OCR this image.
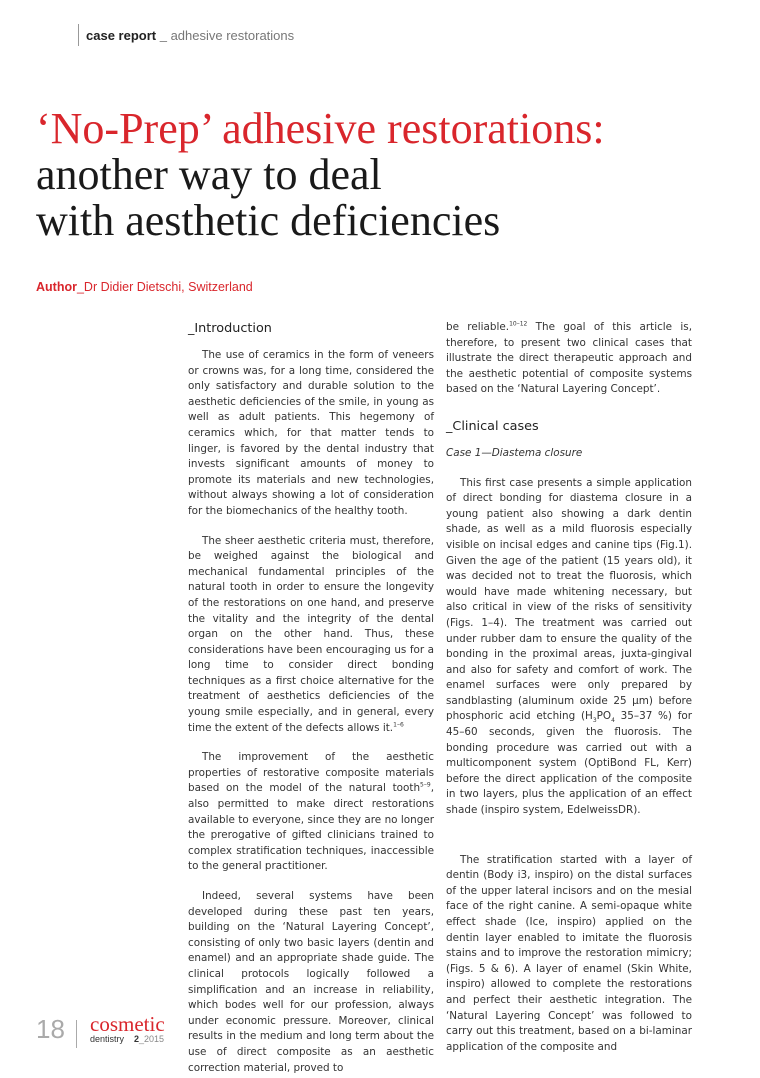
case report _ adhesive restorations
‘No-Prep’ adhesive restorations:
another way to deal
with aesthetic deficiencies
Author_Dr Didier Dietschi, Switzerland
_Introduction

The use of ceramics in the form of veneers or crowns was, for a long time, considered the only satisfactory and durable solution to the aesthetic deficiencies of the smile, in young as well as adult patients. This hegemony of ceramics which, for that matter tends to linger, is favored by the dental industry that invests significant amounts of money to promote its materials and new technologies, without always showing a lot of consideration for the biomechanics of the healthy tooth.

The sheer aesthetic criteria must, therefore, be weighed against the biological and mechanical fundamental principles of the natural tooth in order to ensure the longevity of the restorations on one hand, and preserve the vitality and the integrity of the dental organ on the other hand. Thus, these considerations have been encouraging us for a long time to consider direct bonding techniques as a first choice alternative for the treatment of aesthetics deficiencies of the young smile especially, and in general, every time the extent of the defects allows it.$^{1-6}$

The improvement of the aesthetic properties of restorative composite materials based on the model of the natural tooth$^{5-9}$, also permitted to make direct restorations available to everyone, since they are no longer the prerogative of gifted clinicians trained to complex stratification techniques, inaccessible to the general practitioner.

Indeed, several systems have been developed during these past ten years, building on the ‘Natural Layering Concept’, consisting of only two basic layers (dentin and enamel) and an appropriate shade guide. The clinical protocols logically followed a simplification and an increase in reliability, which bodes well for our profession, always under economic pressure. Moreover, clinical results in the medium and long term about the use of direct composite as an aesthetic correction material, proved to

be reliable.$^{10-12}$ The goal of this article is, therefore, to present two clinical cases that illustrate the direct therapeutic approach and the aesthetic potential of composite systems based on the ‘Natural Layering Concept’.

_Clinical cases

Case 1—Diastema closure

This first case presents a simple application of direct bonding for diastema closure in a young patient also showing a dark dentin shade, as well as a mild fluorosis especially visible on incisal edges and canine tips (Fig.1). Given the age of the patient (15 years old), it was decided not to treat the fluorosis, which would have made whitening necessary, but also critical in view of the risks of sensitivity (Figs. 1–4). The treatment was carried out under rubber dam to ensure the quality of the bonding in the proximal areas, juxta-gingival and also for safety and comfort of work. The enamel surfaces were only prepared by sandblasting (aluminum oxide 25 µm) before phosphoric acid etching ($H_3PO_4$ 35–37 %) for 45–60 seconds, given the fluorosis. The bonding procedure was carried out with a multicomponent system (OptiBond FL, Kerr) before the direct application of the composite in two layers, plus the application of an effect shade (inspiro system, EdelweissDR).

The stratification started with a layer of dentin (Body i3, inspiro) on the distal surfaces of the upper lateral incisors and on the mesial face of the right canine. A semi-opaque white effect shade (Ice, inspiro) applied on the dentin layer enabled to imitate the fluorosis stains and to improve the restoration mimicry; (Figs. 5 & 6). A layer of enamel (Skin White, inspiro) allowed to complete the restorations and perfect their aesthetic integration. The ‘Natural Layering Concept’ was followed to carry out this treatment, based on a bi-laminar application of the composite and

18 cosmetic
dentistry 2_2015
